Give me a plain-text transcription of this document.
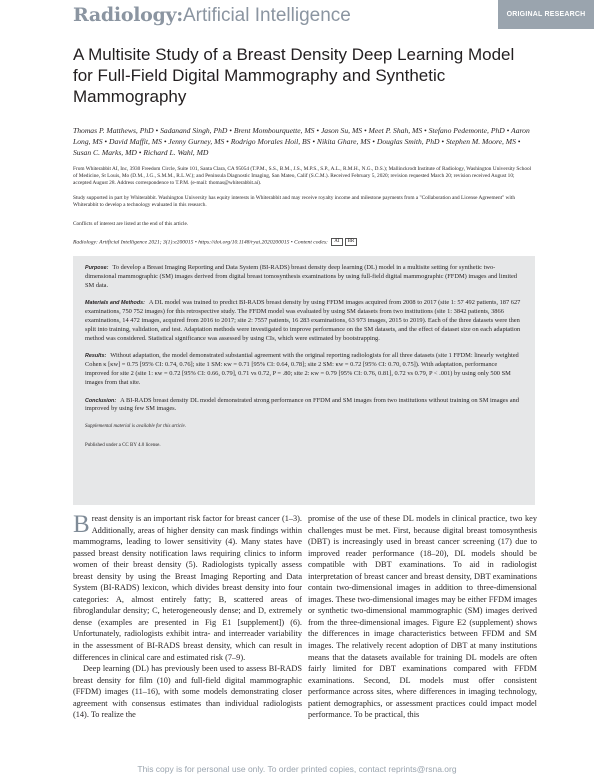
Radiology:Artificial Intelligence	ORIGINAL RESEARCH
A Multisite Study of a Breast Density Deep Learning Model for Full-Field Digital Mammography and Synthetic Mammography
Thomas P. Matthews, PhD • Sadanand Singh, PhD • Brent Mombourquette, MS • Jason Su, MS • Meet P. Shah, MS • Stefano Pedemonte, PhD • Aaron Long, MS • David Maffit, MS • Jenny Gurney, MS • Rodrigo Morales Hoil, BS • Nikita Ghare, MS • Douglas Smith, PhD • Stephen M. Moore, MS • Susan C. Marks, MD • Richard L. Wahl, MD
From Whiterabbit AI, Inc, 3930 Freedom Circle, Suite 101, Santa Clara, CA 95054 (T.P.M., S.S., B.M., J.S., M.P.S., S.P., A.L., R.M.H., N.G., D.S.); Mallinckrodt Institute of Radiology, Washington University School of Medicine, St Louis, Mo (D.M., J.G., S.M.M., R.L.W.); and Peninsula Diagnostic Imaging, San Mateo, Calif (S.C.M.). Received February 5, 2020; revision requested March 20; revision received August 10; accepted August 28. Address correspondence to T.P.M. (e-mail: thomas@whiterabbit.ai).
Study supported in part by Whiterabbit. Washington University has equity interests in Whiterabbit and may receive royalty income and milestone payments from a "Collaboration and License Agreement" with Whiterabbit to develop a technology evaluated in this research.
Conflicts of interest are listed at the end of this article.
Radiology: Artificial Intelligence 2021; 3(1):e200015 • https://doi.org/10.1148/ryai.2020200015 • Content codes: AI BR

Purpose: To develop a Breast Imaging Reporting and Data System (BI-RADS) breast density deep learning (DL) model in a multisite setting for synthetic two-dimensional mammographic (SM) images derived from digital breast tomosynthesis examinations by using full-field digital mammographic (FFDM) images and limited SM data.

Materials and Methods: A DL model was trained to predict BI-RADS breast density by using FFDM images acquired from 2008 to 2017 (site 1: 57 492 patients, 187 627 examinations, 750 752 images) for this retrospective study. The FFDM model was evaluated by using SM datasets from two institutions (site 1: 3842 patients, 3866 examinations, 14 472 images, acquired from 2016 to 2017; site 2: 7557 patients, 16 283 examinations, 63 973 images, 2015 to 2019). Each of the three datasets were then split into training, validation, and test. Adaptation methods were investigated to improve performance on the SM datasets, and the effect of dataset size on each adaptation method was considered. Statistical significance was assessed by using CIs, which were estimated by bootstrapping.

Results: Without adaptation, the model demonstrated substantial agreement with the original reporting radiologists for all three datasets (site 1 FFDM: linearly weighted Cohen κ [κw] = 0.75 [95% CI: 0.74, 0.76]; site 1 SM: κw = 0.71 [95% CI: 0.64, 0.78]; site 2 SM: κw = 0.72 [95% CI: 0.70, 0.75]). With adaptation, performance improved for site 2 (site 1: κw = 0.72 [95% CI: 0.66, 0.79], 0.71 vs 0.72, P = .80; site 2: κw = 0.79 [95% CI: 0.76, 0.81], 0.72 vs 0.79, P < .001) by using only 500 SM images from that site.

Conclusion: A BI-RADS breast density DL model demonstrated strong performance on FFDM and SM images from two institutions without training on SM images and improved by using few SM images.

Supplemental material is available for this article.

Published under a CC BY 4.0 license.

Breast density is an important risk factor for breast cancer (1–3). Additionally, areas of higher density can mask findings within mammograms, leading to lower sensitivity (4). Many states have passed breast density notification laws requiring clinics to inform women of their breast density (5). Radiologists typically assess breast density by using the Breast Imaging Reporting and Data System (BI-RADS) lexicon, which divides breast density into four categories: A, almost entirely fatty; B, scattered areas of fibroglandular density; C, heterogeneously dense; and D, extremely dense (examples are presented in Fig E1 [supplement]) (6). Unfortunately, radiologists exhibit intra- and interreader variability in the assessment of BI-RADS breast density, which can result in differences in clinical care and estimated risk (7–9).

Deep learning (DL) has previously been used to assess BI-RADS breast density for film (10) and full-field digital mammographic (FFDM) images (11–16), with some models demonstrating closer agreement with consensus estimates than individual radiologists (14). To realize the

promise of the use of these DL models in clinical practice, two key challenges must be met. First, because digital breast tomosynthesis (DBT) is increasingly used in breast cancer screening (17) due to improved reader performance (18–20), DL models should be compatible with DBT examinations. To aid in radiologist interpretation of breast cancer and breast density, DBT examinations contain two-dimensional images in addition to three-dimensional images. These two-dimensional images may be either FFDM images or synthetic two-dimensional mammographic (SM) images derived from the three-dimensional images. Figure E2 (supplement) shows the differences in image characteristics between FFDM and SM images. The relatively recent adoption of DBT at many institutions means that the datasets available for training DL models are often fairly limited for DBT examinations compared with FFDM examinations. Second, DL models must offer consistent performance across sites, where differences in imaging technology, patient demographics, or assessment practices could impact model performance. To be practical, this

This copy is for personal use only. To order printed copies, contact reprints@rsna.org
